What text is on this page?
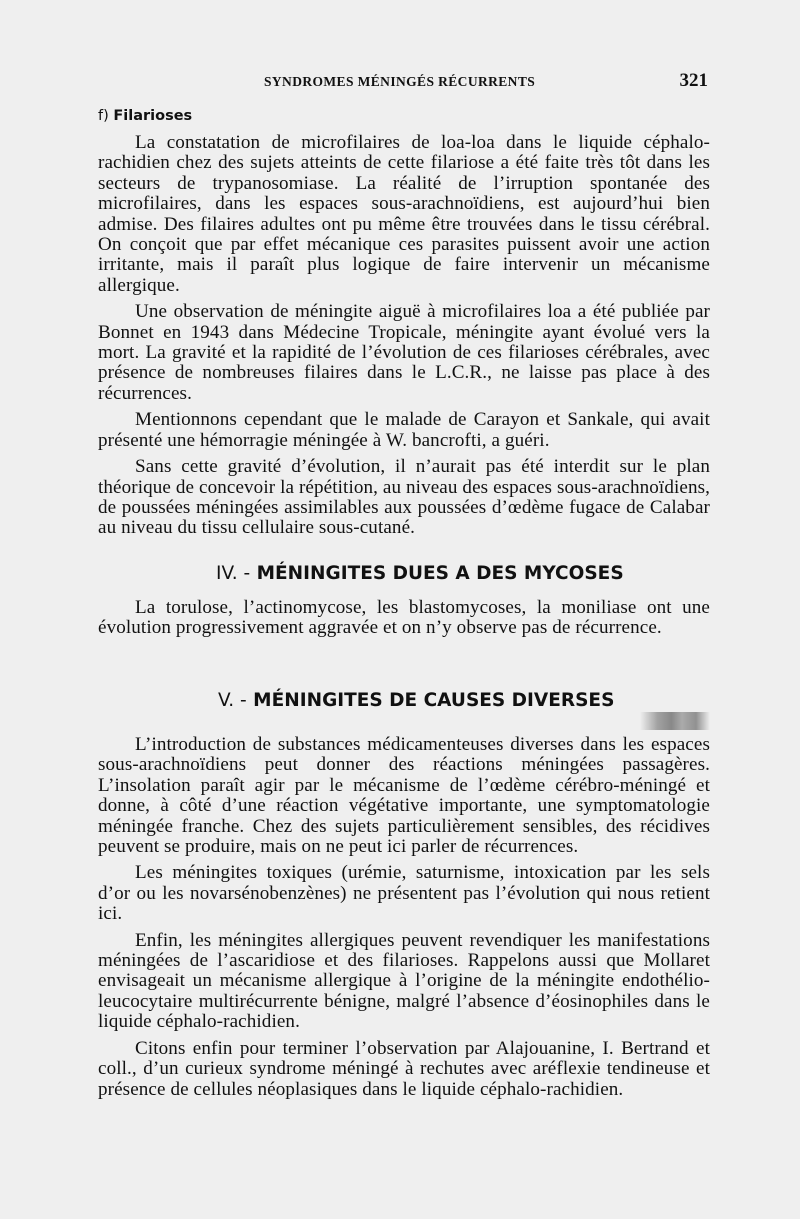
SYNDROMES MÉNINGÉS RÉCURRENTS	321
f) Filarioses

La constatation de microfilaires de loa-loa dans le liquide céphalo-rachidien chez des sujets atteints de cette filariose a été faite très tôt dans les secteurs de trypanosomiase. La réalité de l’irruption spontanée des microfilaires, dans les espaces sous-arachnoïdiens, est aujourd’hui bien admise. Des filaires adultes ont pu même être trouvées dans le tissu cérébral. On conçoit que par effet mécanique ces parasites puissent avoir une action irritante, mais il paraît plus logique de faire intervenir un mécanisme allergique.

Une observation de méningite aiguë à microfilaires loa a été publiée par Bonnet en 1943 dans Médecine Tropicale, méningite ayant évolué vers la mort. La gravité et la rapidité de l’évolution de ces filarioses cérébrales, avec présence de nombreuses filaires dans le L.C.R., ne laisse pas place à des récurrences.

Mentionnons cependant que le malade de Carayon et Sankale, qui avait présenté une hémorragie méningée à W. bancrofti, a guéri.

Sans cette gravité d’évolution, il n’aurait pas été interdit sur le plan théorique de concevoir la répétition, au niveau des espaces sous-arachnoïdiens, de poussées méningées assimilables aux poussées d’œdème fugace de Calabar au niveau du tissu cellulaire sous-cutané.

IV. - MÉNINGITES DUES A DES MYCOSES

La torulose, l’actinomycose, les blastomycoses, la moniliase ont une évolution progressivement aggravée et on n’y observe pas de récurrence.

V. - MÉNINGITES DE CAUSES DIVERSES

L’introduction de substances médicamenteuses diverses dans les espaces sous-arachnoïdiens peut donner des réactions méningées passagères. L’insolation paraît agir par le mécanisme de l’œdème cérébro-méningé et donne, à côté d’une réaction végétative importante, une symptomatologie méningée franche. Chez des sujets particulièrement sensibles, des récidives peuvent se produire, mais on ne peut ici parler de récurrences.

Les méningites toxiques (urémie, saturnisme, intoxication par les sels d’or ou les novarsénobenzènes) ne présentent pas l’évolution qui nous retient ici.

Enfin, les méningites allergiques peuvent revendiquer les manifestations méningées de l’ascaridiose et des filarioses. Rappelons aussi que Mollaret envisageait un mécanisme allergique à l’origine de la méningite endothélio-leucocytaire multirécurrente bénigne, malgré l’absence d’éosinophiles dans le liquide céphalo-rachidien.

Citons enfin pour terminer l’observation par Alajouanine, I. Bertrand et coll., d’un curieux syndrome méningé à rechutes avec aréflexie tendineuse et présence de cellules néoplasiques dans le liquide céphalo-rachidien.
